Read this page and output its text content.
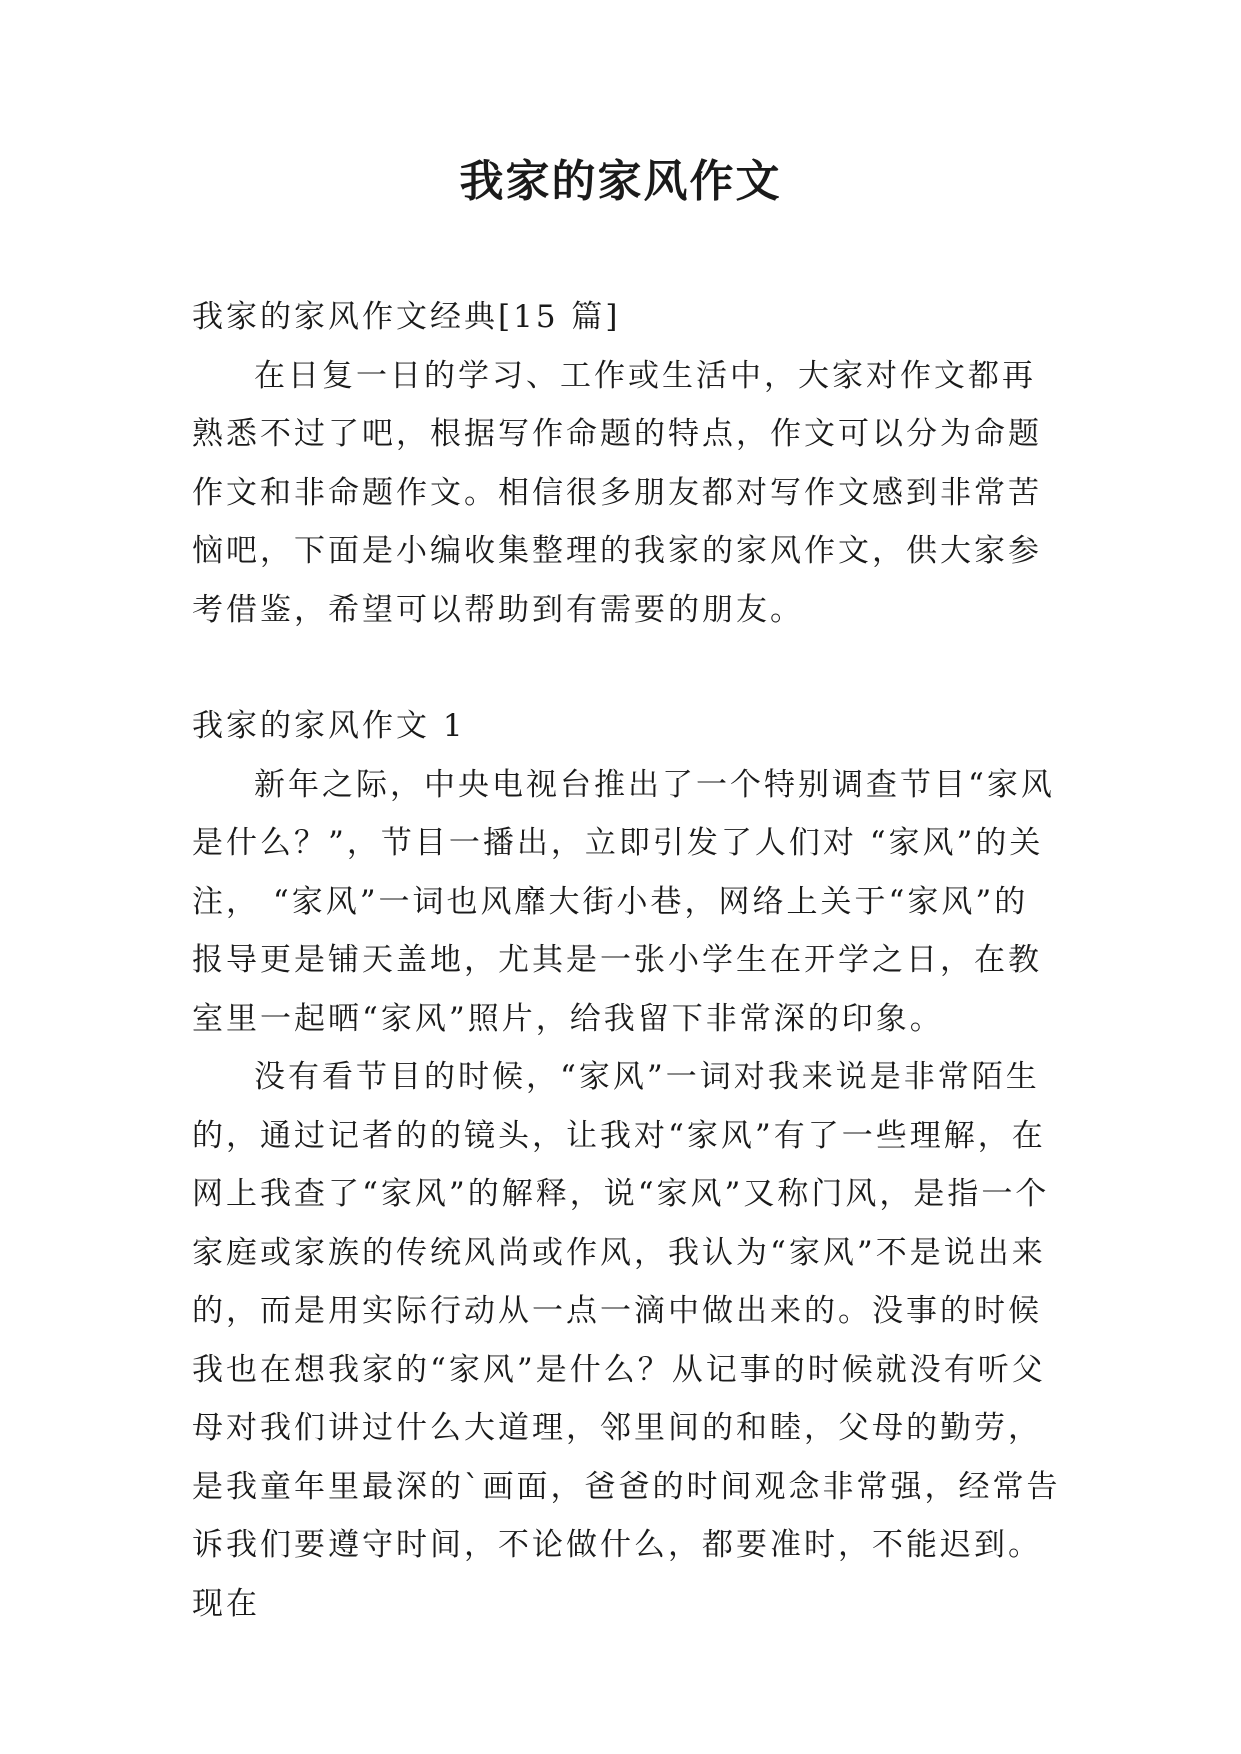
我家的家风作文

我家的家风作文经典[15 篇]

在日复一日的学习、工作或生活中，大家对作文都再熟悉不过了吧，根据写作命题的特点，作文可以分为命题作文和非命题作文。相信很多朋友都对写作文感到非常苦恼吧，下面是小编收集整理的我家的家风作文，供大家参考借鉴，希望可以帮助到有需要的朋友。

我家的家风作文 1

新年之际，中央电视台推出了一个特别调查节目“家风是什么？”，节目一播出，立即引发了人们对 “家风”的关注， “家风”一词也风靡大街小巷，网络上关于“家风”的报导更是铺天盖地，尤其是一张小学生在开学之日，在教室里一起晒“家风”照片，给我留下非常深的印象。

没有看节目的时候，“家风”一词对我来说是非常陌生的，通过记者的的镜头，让我对“家风”有了一些理解，在网上我查了“家风”的解释，说“家风”又称门风，是指一个家庭或家族的传统风尚或作风，我认为“家风”不是说出来的，而是用实际行动从一点一滴中做出来的。没事的时候我也在想我家的“家风”是什么？从记事的时候就没有听父母对我们讲过什么大道理，邻里间的和睦，父母的勤劳，是我童年里最深的`画面，爸爸的时间观念非常强，经常告诉我们要遵守时间，不论做什么，都要准时，不能迟到。现在
